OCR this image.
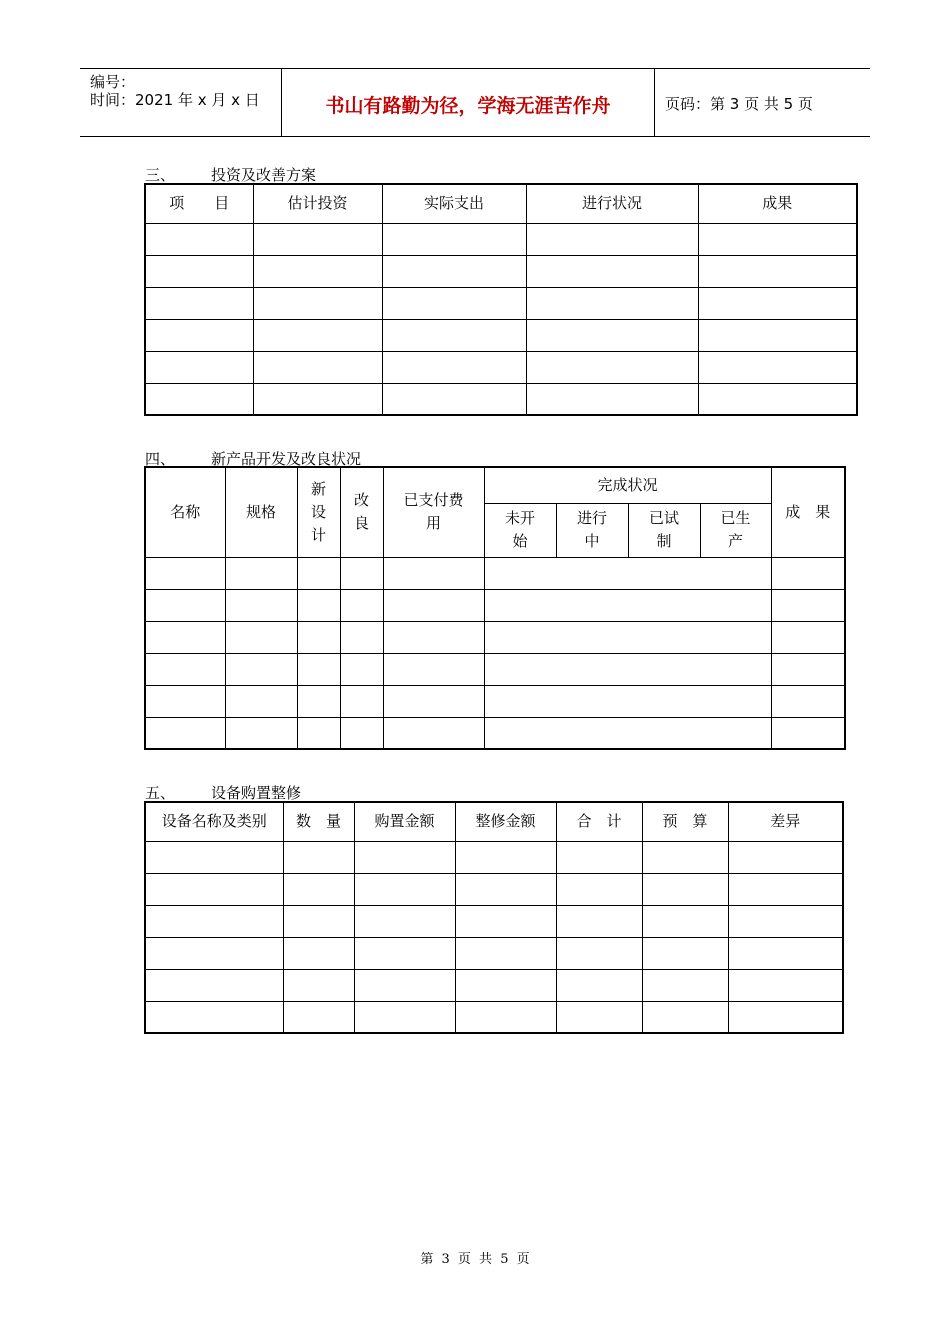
编号：
时间：2021 年 x 月 x 日	书山有路勤为径，学海无涯苦作舟	页码：第 3 页 共 5 页
三、 投资及改善方案
项　　目	估计投资	实际支出	进行状况	成果

四、 新产品开发及改良状况
名称	规格	新设计	改良	已支付费用	完成状况				成　果
					未开始	进行中	已试制	已生产	

五、 设备购置整修
设备名称及类别	数　量	购置金额	整修金额	合　计	预　算	差异

第 3 页 共 5 页
